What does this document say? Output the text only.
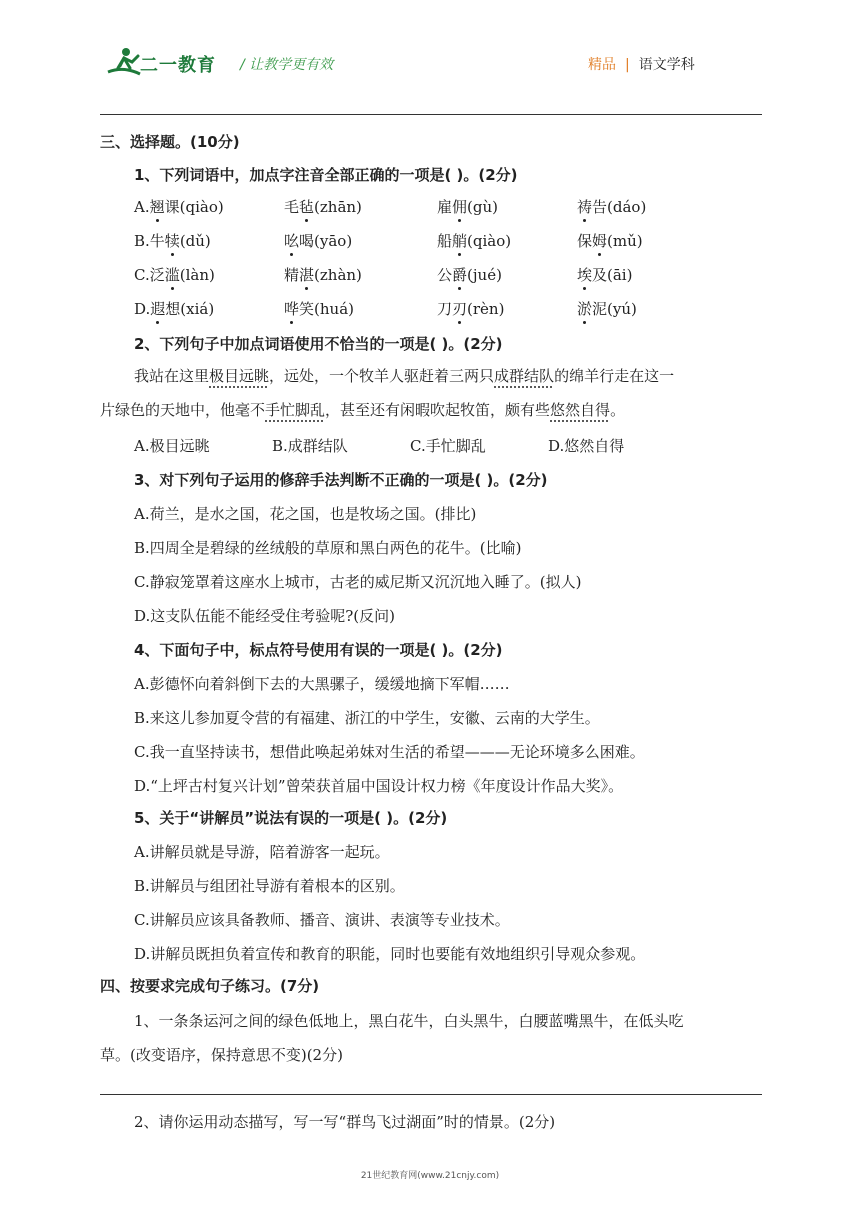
二一教育 / 让教学更有效	精品 | 语文学科
三、选择题。(10分)
1、下列词语中，加点字注音全部正确的一项是( )。(2分)
A.翘课(qiào)	毛毡(zhān)	雇佣(gù)	祷告(dáo)
B.牛犊(dǔ)	吆喝(yāo)	船艄(qiào)	保姆(mǔ)
C.泛滥(làn)	精湛(zhàn)	公爵(jué)	埃及(āi)
D.遐想(xiá)	哗笑(huá)	刀刃(rèn)	淤泥(yú)
2、下列句子中加点词语使用不恰当的一项是( )。(2分)
我站在这里极目远眺，远处，一个牧羊人驱赶着三两只成群结队的绵羊行走在这一
片绿色的天地中，他毫不手忙脚乱，甚至还有闲暇吹起牧笛，颇有些悠然自得。
A.极目远眺	B.成群结队	C.手忙脚乱	D.悠然自得
3、对下列句子运用的修辞手法判断不正确的一项是( )。(2分)
A.荷兰，是水之国，花之国，也是牧场之国。(排比)
B.四周全是碧绿的丝绒般的草原和黑白两色的花牛。(比喻)
C.静寂笼罩着这座水上城市，古老的威尼斯又沉沉地入睡了。(拟人)
D.这支队伍能不能经受住考验呢?(反问)
4、下面句子中，标点符号使用有误的一项是( )。(2分)
A.彭德怀向着斜倒下去的大黑骡子，缓缓地摘下军帽……
B.来这儿参加夏令营的有福建、浙江的中学生，安徽、云南的大学生。
C.我一直坚持读书，想借此唤起弟妹对生活的希望———无论环境多么困难。
D.“上坪古村复兴计划”曾荣获首届中国设计权力榜《年度设计作品大奖》。
5、关于“讲解员”说法有误的一项是( )。(2分)
A.讲解员就是导游，陪着游客一起玩。
B.讲解员与组团社导游有着根本的区别。
C.讲解员应该具备教师、播音、演讲、表演等专业技术。
D.讲解员既担负着宣传和教育的职能，同时也要能有效地组织引导观众参观。
四、按要求完成句子练习。(7分)
1、一条条运河之间的绿色低地上，黑白花牛，白头黑牛，白腰蓝嘴黑牛，在低头吃
草。(改变语序，保持意思不变)(2分)
2、请你运用动态描写，写一写“群鸟飞过湖面”时的情景。(2分)
21世纪教育网(www.21cnjy.com)
